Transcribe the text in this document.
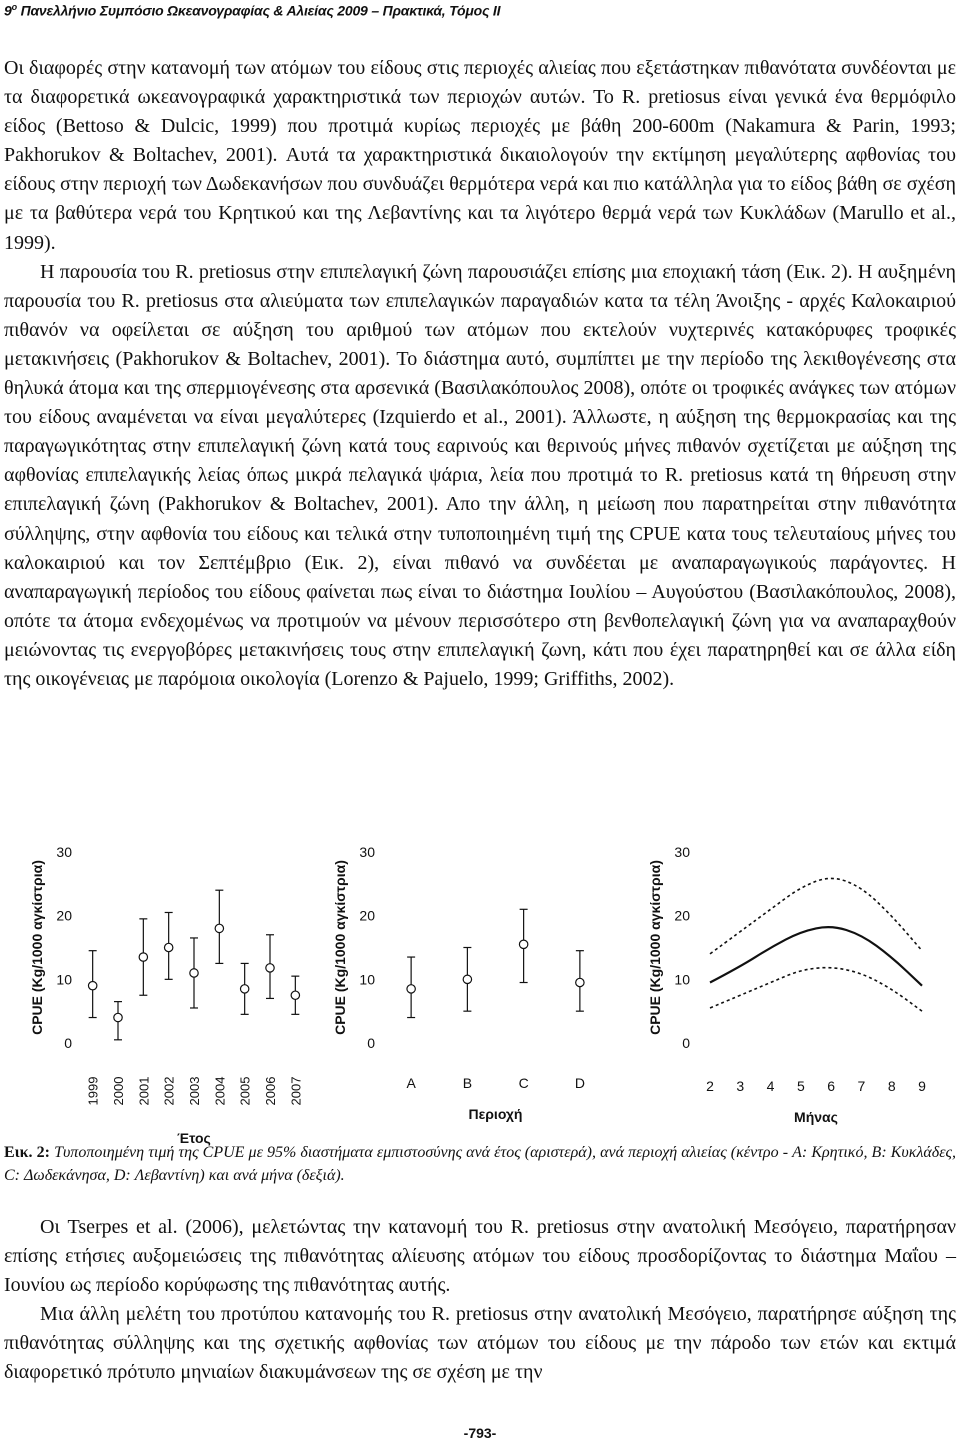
$9^o$ Πανελλήνιο Συμπόσιο Ωκεανογραφίας & Αλιείας 2009 – Πρακτικά, Τόμος ΙΙ

Οι διαφορές στην κατανομή των ατόμων του είδους στις περιοχές αλιείας που εξετάστηκαν πιθανότατα συνδέονται με τα διαφορετικά ωκεανογραφικά χαρακτηριστικά των περιοχών αυτών. Το R. pretiosus είναι γενικά ένα θερμόφιλο είδος (Bettoso & Dulcic, 1999) που προτιμά κυρίως περιοχές με βάθη 200-600m (Nakamura & Parin, 1993; Pakhorukov & Boltachev, 2001). Αυτά τα χαρακτηριστικά δικαιολογούν την εκτίμηση μεγαλύτερης αφθονίας του είδους στην περιοχή των Δωδεκανήσων που συνδυάζει θερμότερα νερά και πιο κατάλληλα για το είδος βάθη σε σχέση με τα βαθύτερα νερά του Κρητικού και της Λεβαντίνης και τα λιγότερο θερμά νερά των Κυκλάδων (Marullo et al., 1999).

Η παρουσία του R. pretiosus στην επιπελαγική ζώνη παρουσιάζει επίσης μια εποχιακή τάση (Εικ. 2). Η αυξημένη παρουσία του R. pretiosus στα αλιεύματα των επιπελαγικών παραγαδιών κατα τα τέλη Άνοιξης - αρχές Καλοκαιριού πιθανόν να οφείλεται σε αύξηση του αριθμού των ατόμων που εκτελούν νυχτερινές κατακόρυφες τροφικές μετακινήσεις (Pakhorukov & Boltachev, 2001). Το διάστημα αυτό, συμπίπτει με την περίοδο της λεκιθογένεσης στα θηλυκά άτομα και της σπερμιογένεσης στα αρσενικά (Βασιλακόπουλος 2008), οπότε οι τροφικές ανάγκες των ατόμων του είδους αναμένεται να είναι μεγαλύτερες (Izquierdo et al., 2001). Άλλωστε, η αύξηση της θερμοκρασίας και της παραγωγικότητας στην επιπελαγική ζώνη κατά τους εαρινούς και θερινούς μήνες πιθανόν σχετίζεται με αύξηση της αφθονίας επιπελαγικής λείας όπως μικρά πελαγικά ψάρια, λεία που προτιμά το R. pretiosus κατά τη θήρευση στην επιπελαγική ζώνη (Pakhorukov & Boltachev, 2001). Απο την άλλη, η μείωση που παρατηρείται στην πιθανότητα σύλληψης, στην αφθονία του είδους και τελικά στην τυποποιημένη τιμή της CPUE κατα τους τελευταίους μήνες του καλοκαιριού και τον Σεπτέμβριο (Εικ. 2), είναι πιθανό να συνδέεται με αναπαραγωγικούς παράγοντες. Η αναπαραγωγική περίοδος του είδους φαίνεται πως είναι το διάστημα Ιουλίου – Αυγούστου (Βασιλακόπουλος, 2008), οπότε τα άτομα ενδεχομένως να προτιμούν να μένουν περισσότερο στη βενθοπελαγική ζώνη για να αναπαραχθούν μειώνοντας τις ενεργοβόρες μετακινήσεις τους στην επιπελαγική ζωνη, κάτι που έχει παρατηρηθεί και σε άλλα είδη της οικογένειας με παρόμοια οικολογία (Lorenzo & Pajuelo, 1999; Griffiths, 2002).

CPUE (Kg/1000 αγκίστρια)
0
10
20
30
1999 2000 2001 2002 2003 2004 2005 2006 2007
Έτος
CPUE (Kg/1000 αγκίστρια)
0
10
20
30
A	B	C	D
Περιοχή
CPUE (Kg/1000 αγκίστρια)
0
10
20
30
2 3 4 5 6 7 8 9
Μήνας
Εικ. 2: Τυποποιημένη τιμή της CPUE με 95% διαστήματα εμπιστοσύνης ανά έτος (αριστερά), ανά περιοχή αλιείας (κέντρο - A: Κρητικό, B: Κυκλάδες, C: Δωδεκάνησα, D: Λεβαντίνη) και ανά μήνα (δεξιά).

Οι Tserpes et al. (2006), μελετώντας την κατανομή του R. pretiosus στην ανατολική Μεσόγειο, παρατήρησαν επίσης ετήσιες αυξομειώσεις της πιθανότητας αλίευσης ατόμων του είδους προσδορίζοντας το διάστημα Μαΐου – Ιουνίου ως περίοδο κορύφωσης της πιθανότητας αυτής.

Μια άλλη μελέτη του προτύπου κατανομής του R. pretiosus στην ανατολική Μεσόγειο, παρατήρησε αύξηση της πιθανότητας σύλληψης και της σχετικής αφθονίας των ατόμων του είδους με την πάροδο των ετών και εκτιμά διαφορετικό πρότυπο μηνιαίων διακυμάνσεων της σε σχέση με την

-793-
